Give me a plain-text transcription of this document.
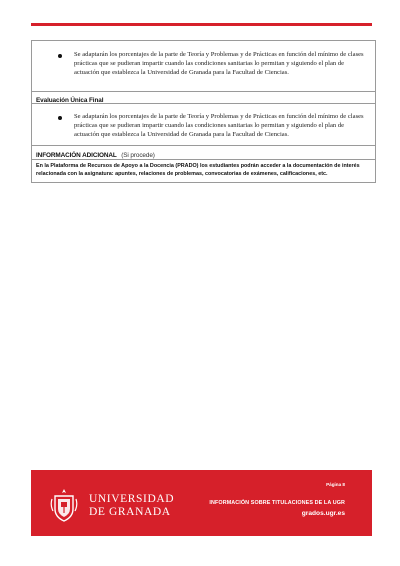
Se adaptarán los porcentajes de la parte de Teoría y Problemas y de Prácticas en función del mínimo de clases prácticas que se pudieran impartir cuando las condiciones sanitarias lo permitan y siguiendo el plan de actuación que establezca la Universidad de Granada para la Facultad de Ciencias.
Evaluación Única Final
Se adaptarán los porcentajes de la parte de Teoría y Problemas y de Prácticas en función del mínimo de clases prácticas que se pudieran impartir cuando las condiciones sanitarias lo permitan y siguiendo el plan de actuación que establezca la Universidad de Granada para la Facultad de Ciencias.
INFORMACIÓN ADICIONAL (Si procede)
En la Plataforma de Recursos de Apoyo a la Docencia (PRADO) los estudiantes podrán acceder a la documentación de interés relacionada con la asignatura: apuntes, relaciones de problemas, convocatorias de exámenes, calificaciones, etc.
UNIVERSIDAD
DE GRANADA
Página 8
INFORMACIÓN SOBRE TITULACIONES DE LA UGR
grados.ugr.es
